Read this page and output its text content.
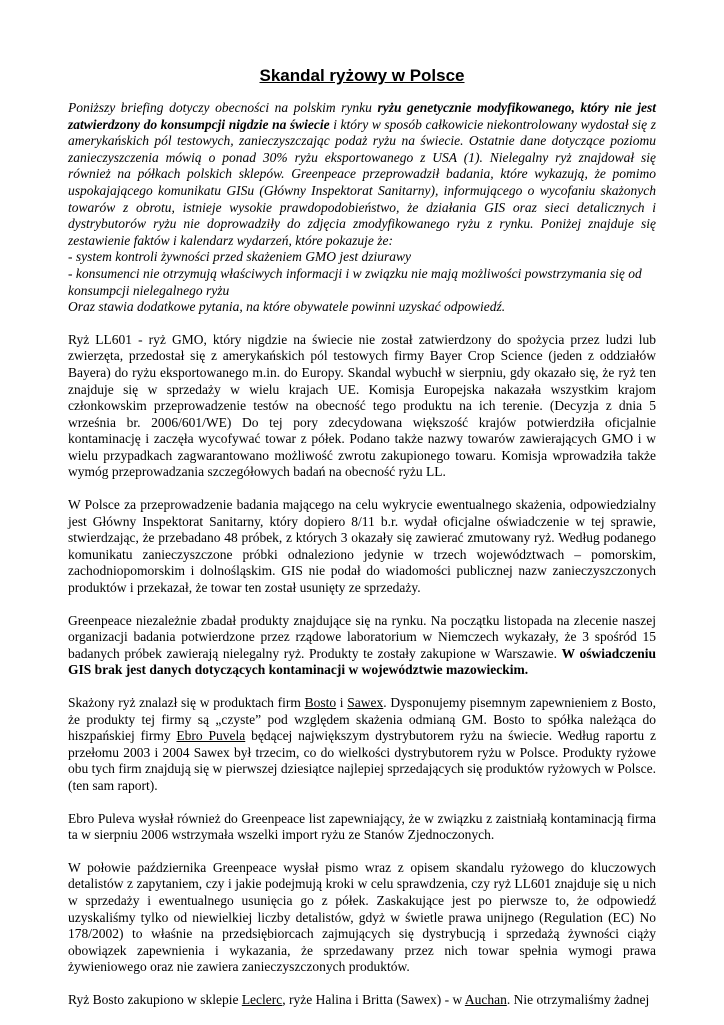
Skandal ryżowy w Polsce

Poniższy briefing dotyczy obecności na polskim rynku ryżu genetycznie modyfikowanego, który nie jest zatwierdzony do konsumpcji nigdzie na świecie i który w sposób całkowicie niekontrolowany wydostał się z amerykańskich pól testowych, zanieczyszczając podaż ryżu na świecie. Ostatnie dane dotyczące poziomu zanieczyszczenia mówią o ponad 30% ryżu eksportowanego z USA (1). Nielegalny ryż znajdował się również na półkach polskich sklepów. Greenpeace przeprowadził badania, które wykazują, że pomimo uspokajającego komunikatu GISu (Główny Inspektorat Sanitarny), informującego o wycofaniu skażonych towarów z obrotu, istnieje wysokie prawdopodobieństwo, że działania GIS oraz sieci detalicznych i dystrybutorów ryżu nie doprowadziły do zdjęcia zmodyfikowanego ryżu z rynku. Poniżej znajduje się zestawienie faktów i kalendarz wydarzeń, które pokazuje że:
- system kontroli żywności przed skażeniem GMO jest dziurawy
- konsumenci nie otrzymują właściwych informacji i w związku nie mają możliwości powstrzymania się od konsumpcji nielegalnego ryżu
Oraz stawia dodatkowe pytania, na które obywatele powinni uzyskać odpowiedź.

Ryż LL601 - ryż GMO, który nigdzie na świecie nie został zatwierdzony do spożycia przez ludzi lub zwierzęta, przedostał się z amerykańskich pól testowych firmy Bayer Crop Science (jeden z oddziałów Bayera) do ryżu eksportowanego m.in. do Europy. Skandal wybuchł w sierpniu, gdy okazało się, że ryż ten znajduje się w sprzedaży w wielu krajach UE. Komisja Europejska nakazała wszystkim krajom członkowskim przeprowadzenie testów na obecność tego produktu na ich terenie. (Decyzja z dnia 5 września br. 2006/601/WE) Do tej pory zdecydowana większość krajów potwierdziła oficjalnie kontaminację i zaczęła wycofywać towar z półek. Podano także nazwy towarów zawierających GMO i w wielu przypadkach zagwarantowano możliwość zwrotu zakupionego towaru. Komisja wprowadziła także wymóg przeprowadzania szczegółowych badań na obecność ryżu LL.

W Polsce za przeprowadzenie badania mającego na celu wykrycie ewentualnego skażenia, odpowiedzialny jest Główny Inspektorat Sanitarny, który dopiero 8/11 b.r. wydał oficjalne oświadczenie w tej sprawie, stwierdzając, że przebadano 48 próbek, z których 3 okazały się zawierać zmutowany ryż. Według podanego komunikatu zanieczyszczone próbki odnaleziono jedynie w trzech województwach – pomorskim, zachodniopomorskim i dolnośląskim. GIS nie podał do wiadomości publicznej nazw zanieczyszczonych produktów i przekazał, że towar ten został usunięty ze sprzedaży.

Greenpeace niezależnie zbadał produkty znajdujące się na rynku. Na początku listopada na zlecenie naszej organizacji badania potwierdzone przez rządowe laboratorium w Niemczech wykazały, że 3 spośród 15 badanych próbek zawierają nielegalny ryż. Produkty te zostały zakupione w Warszawie. W oświadczeniu GIS brak jest danych dotyczących kontaminacji w województwie mazowieckim.

Skażony ryż znalazł się w produktach firm Bosto i Sawex. Dysponujemy pisemnym zapewnieniem z Bosto, że produkty tej firmy są „czyste” pod względem skażenia odmianą GM. Bosto to spółka należąca do hiszpańskiej firmy Ebro Puvela będącej największym dystrybutorem ryżu na świecie. Według raportu z przełomu 2003 i 2004 Sawex był trzecim, co do wielkości dystrybutorem ryżu w Polsce. Produkty ryżowe obu tych firm znajdują się w pierwszej dziesiątce najlepiej sprzedających się produktów ryżowych w Polsce. (ten sam raport).

Ebro Puleva wysłał również do Greenpeace list zapewniający, że w związku z zaistniałą kontaminacją firma ta w sierpniu 2006 wstrzymała wszelki import ryżu ze Stanów Zjednoczonych.

W połowie października Greenpeace wysłał pismo wraz z opisem skandalu ryżowego do kluczowych detalistów z zapytaniem, czy i jakie podejmują kroki w celu sprawdzenia, czy ryż LL601 znajduje się u nich w sprzedaży i ewentualnego usunięcia go z półek. Zaskakujące jest po pierwsze to, że odpowiedź uzyskaliśmy tylko od niewielkiej liczby detalistów, gdyż w świetle prawa unijnego (Regulation (EC) No 178/2002) to właśnie na przedsiębiorcach zajmujących się dystrybucją i sprzedażą żywności ciąży obowiązek zapewnienia i wykazania, że sprzedawany przez nich towar spełnia wymogi prawa żywieniowego oraz nie zawiera zanieczyszczonych produktów.

Ryż Bosto zakupiono w sklepie Leclerc, ryże Halina i Britta (Sawex) - w Auchan. Nie otrzymaliśmy żadnej
